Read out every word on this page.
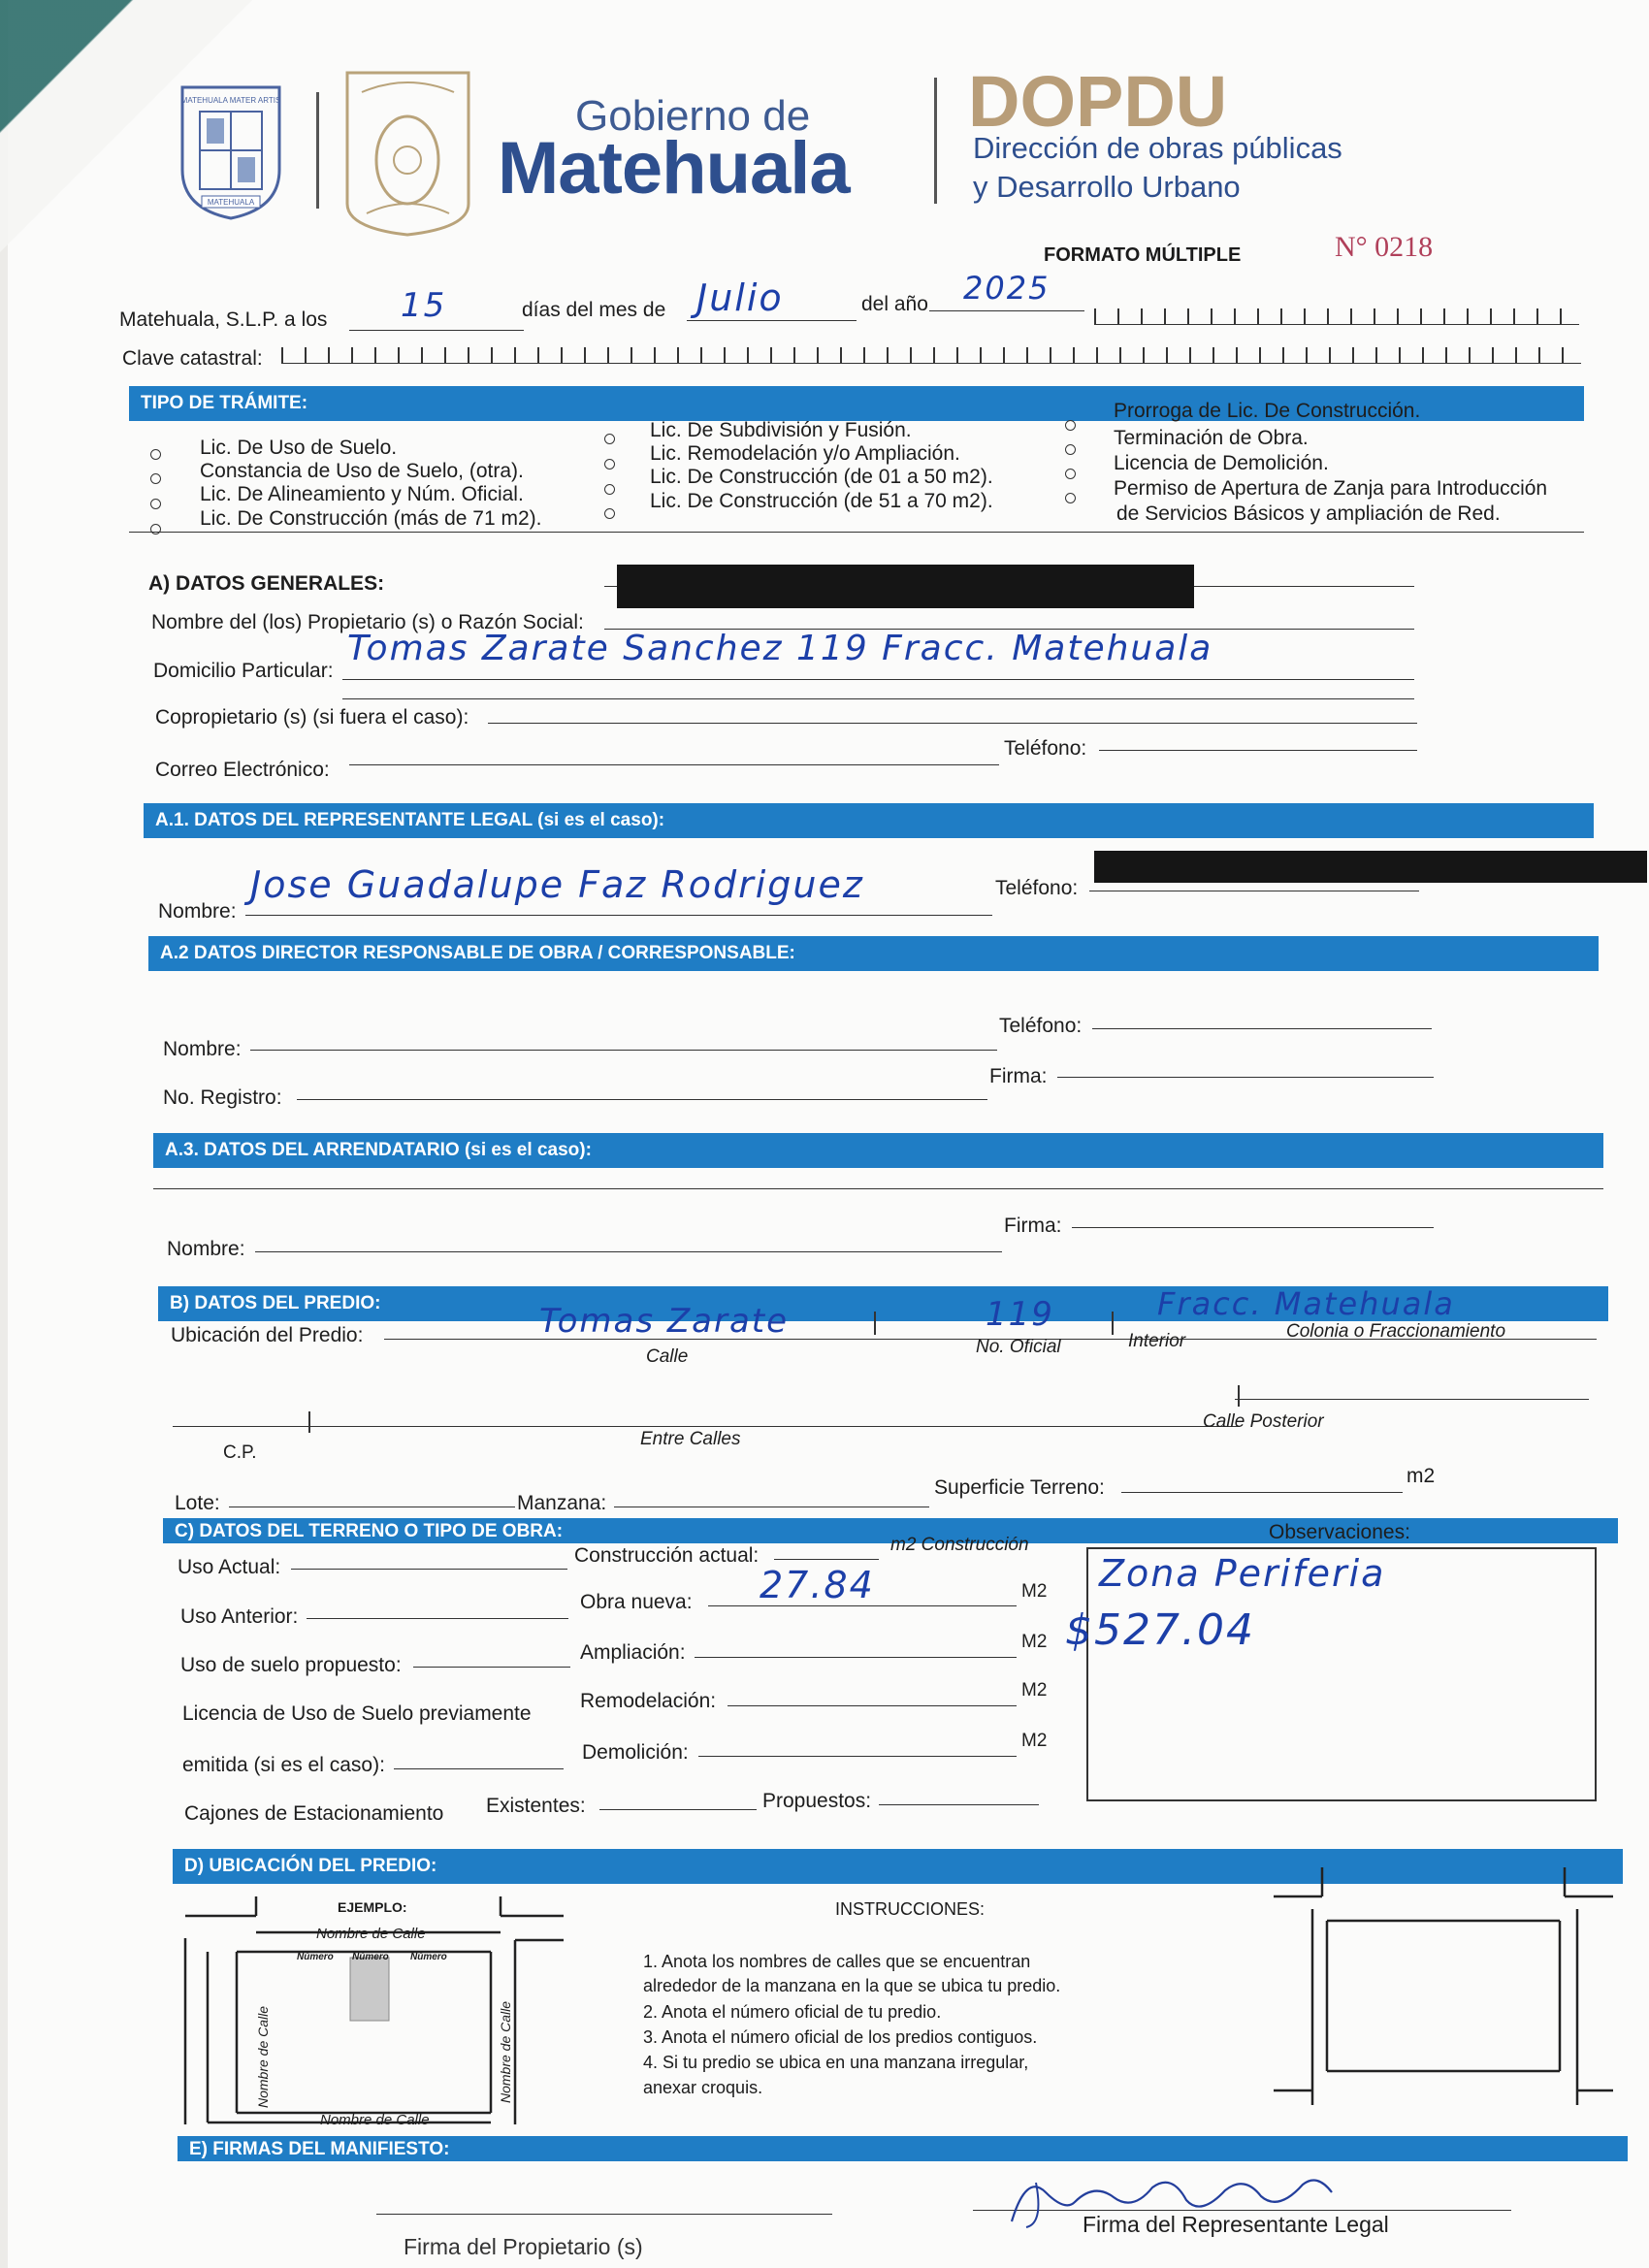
MATEHUALA MATER ARTIS
MATEHUALA
Gobierno de
Matehuala
DOPDU
Dirección de obras públicas
y Desarrollo Urbano
FORMATO MÚLTIPLE	N° 0218
Matehuala, S.L.P. a los 15	días del mes de Julio	del año 2025
Clave catastral:
TIPO DE TRÁMITE:
Lic. De Uso de Suelo.
Constancia de Uso de Suelo, (otra).
Lic. De Alineamiento y Núm. Oficial.
Lic. De Construcción (más de 71 m2).
Lic. De Subdivisión y Fusión.
Lic. Remodelación y/o Ampliación.
Lic. De Construcción (de 01 a 50 m2).
Lic. De Construcción (de 51 a 70 m2).
Prorroga de Lic. De Construcción.
Terminación de Obra.
Licencia de Demolición.
Permiso de Apertura de Zanja para Introducción
de Servicios Básicos y ampliación de Red.
A) DATOS GENERALES:
Nombre del (los) Propietario (s) o Razón Social:
Domicilio Particular:
Tomas Zarate Sanchez 119 Fracc. Matehuala
Copropietario (s) (si fuera el caso):
Correo Electrónico:
Teléfono:
A.1. DATOS DEL REPRESENTANTE LEGAL (si es el caso):
Nombre:
Jose Guadalupe Faz Rodriguez	Teléfono:
A.2 DATOS DIRECTOR RESPONSABLE DE OBRA / CORRESPONSABLE:
Nombre:
Teléfono:
No. Registro:
Firma:
A.3. DATOS DEL ARRENDATARIO (si es el caso):
Nombre:
Firma:
B) DATOS DEL PREDIO:
Ubicación del Predio:	Tomas Zarate	119	Fracc. Matehuala
Calle	No. Oficial	Interior	Colonia o Fraccionamiento
C.P.
Entre Calles
Calle Posterior
Lote:	Manzana:
Superficie Terreno:
m2
C) DATOS DEL TERRENO O TIPO DE OBRA:
Uso Actual:
Construcción actual:	m2 Construcción
Observaciones:
Uso Anterior:
Obra nueva: 27.84	M2
Uso de suelo propuesto:
Ampliación:	M2
Licencia de Uso de Suelo previamente
Remodelación:	M2
emitida (si es el caso):
Demolición:
M2
Cajones de Estacionamiento Existentes:	Propuestos:
Zona Periferia
$527.04
D) UBICACIÓN DEL PREDIO:
EJEMPLO:
Nombre de Calle
Número Número Número
Nombre de Calle	Nombre de Calle
Nombre de Calle
INSTRUCCIONES:
1. Anota los nombres de calles que se encuentran
alrededor de la manzana en la que se ubica tu predio.
2. Anota el número oficial de tu predio.
3. Anota el número oficial de los predios contiguos.
4. Si tu predio se ubica en una manzana irregular,
anexar croquis.
E) FIRMAS DEL MANIFIESTO:
Firma del Propietario (s)
Firma del Representante Legal
